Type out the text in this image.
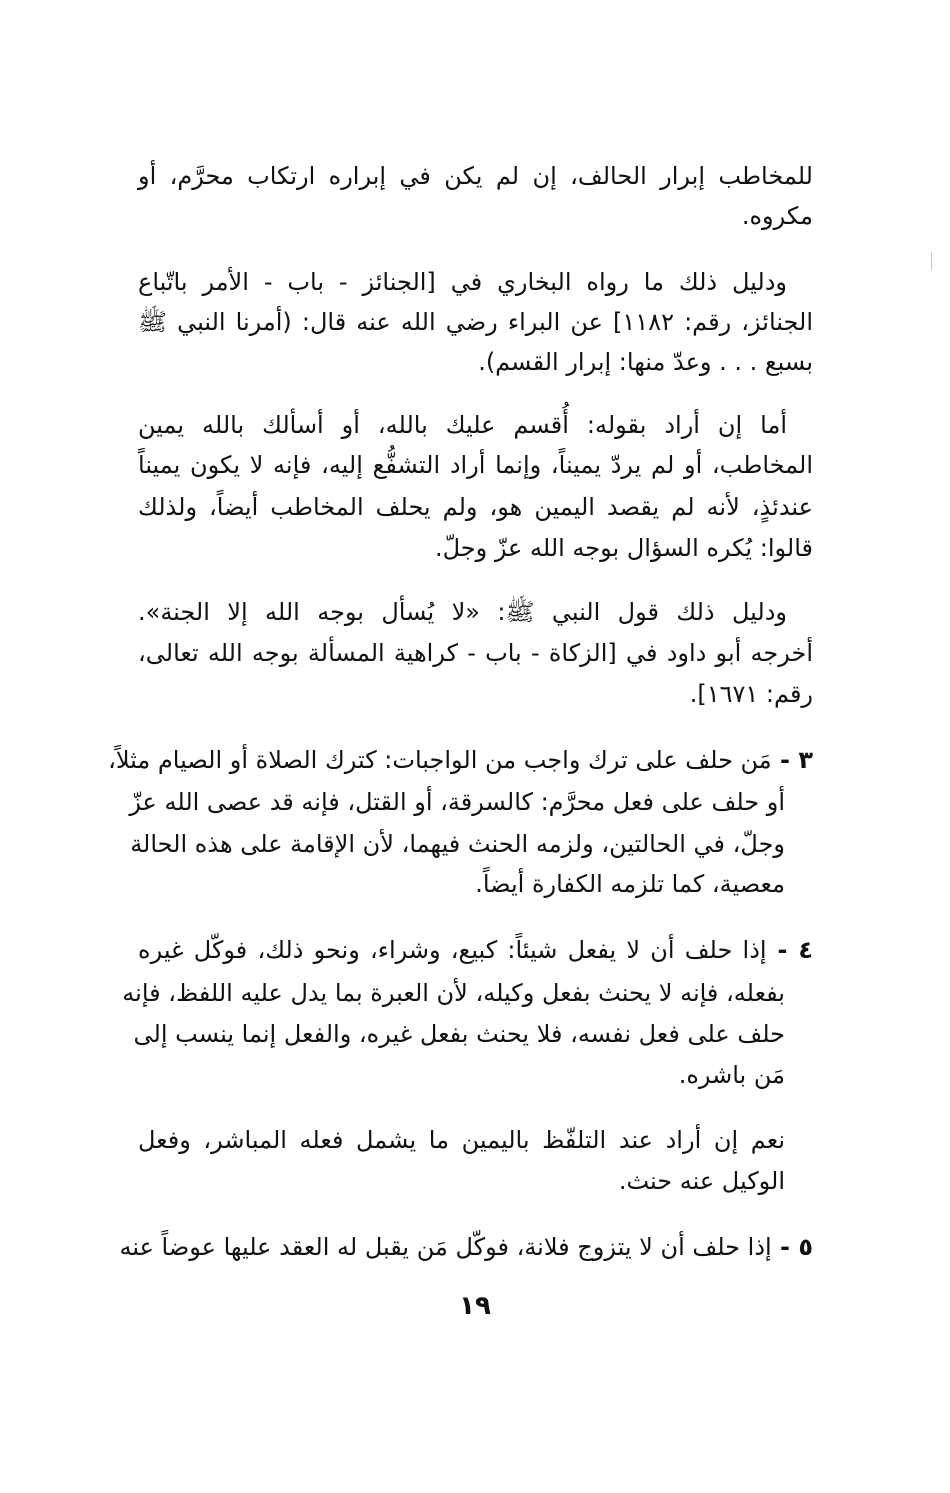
للمخاطب إبرار الحالف، إن لم يكن في إبراره ارتكاب محرَّم، أو
مكروه.
ودليل ذلك ما رواه البخاري في [الجنائز - باب - الأمر باتّباع
الجنائز، رقم: ١١٨٢] عن البراء رضي الله عنه قال: (أمرنا النبي ﷺ
بسبع . . . وعدّ منها: إبرار القسم).
أما إن أراد بقوله: أُقسم عليك بالله، أو أسألك بالله يمين
المخاطب، أو لم يردّ يميناً، وإنما أراد التشفُّع إليه، فإنه لا يكون يميناً
عندئذٍ، لأنه لم يقصد اليمين هو، ولم يحلف المخاطب أيضاً، ولذلك
قالوا: يُكره السؤال بوجه الله عزّ وجلّ.
ودليل ذلك قول النبي ﷺ: «لا يُسأل بوجه الله إلا الجنة».
أخرجه أبو داود في [الزكاة - باب - كراهية المسألة بوجه الله تعالى،
رقم: ١٦٧١].
٣ - مَن حلف على ترك واجب من الواجبات: كترك الصلاة أو الصيام مثلاً،
أو حلف على فعل محرَّم: كالسرقة، أو القتل، فإنه قد عصى الله عزّ
وجلّ، في الحالتين، ولزمه الحنث فيهما، لأن الإقامة على هذه الحالة
معصية، كما تلزمه الكفارة أيضاً.
٤ - إذا حلف أن لا يفعل شيئاً: كبيع، وشراء، ونحو ذلك، فوكّل غيره
بفعله، فإنه لا يحنث بفعل وكيله، لأن العبرة بما يدل عليه اللفظ، فإنه
حلف على فعل نفسه، فلا يحنث بفعل غيره، والفعل إنما ينسب إلى
مَن باشره.
نعم إن أراد عند التلفّظ باليمين ما يشمل فعله المباشر، وفعل
الوكيل عنه حنث.
٥ - إذا حلف أن لا يتزوج فلانة، فوكّل مَن يقبل له العقد عليها عوضاً عنه
١٩
